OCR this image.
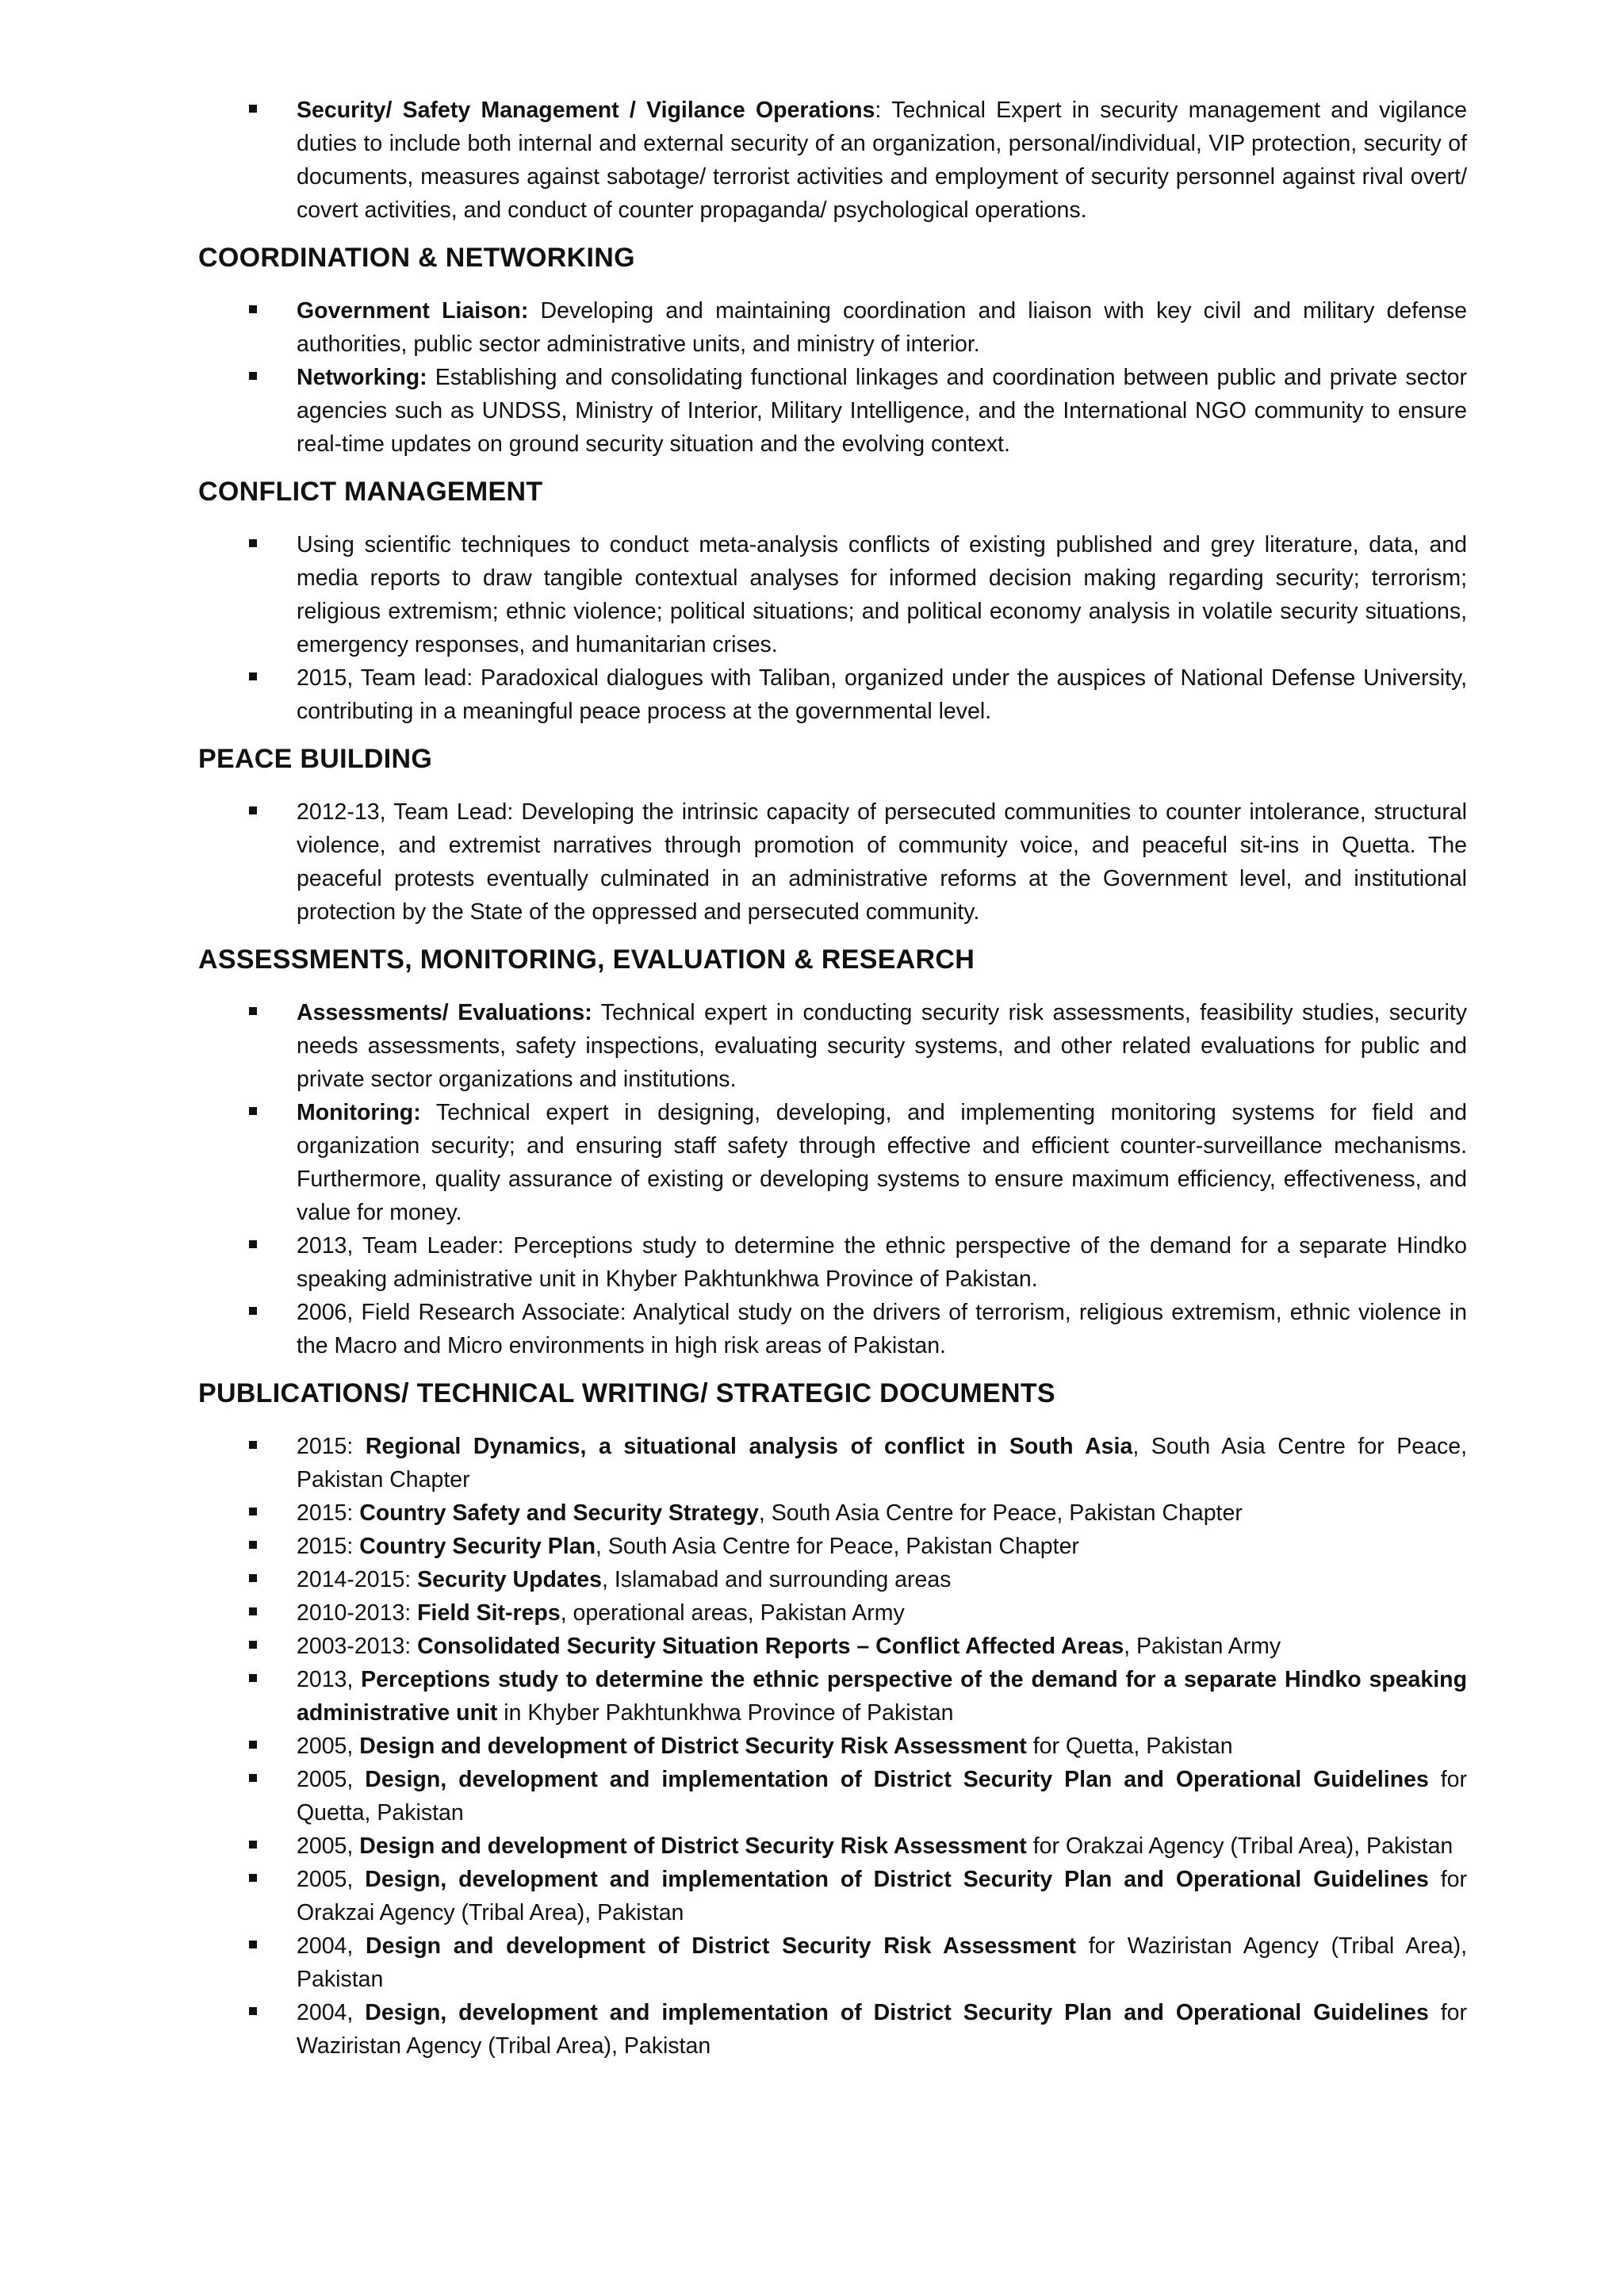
Security/ Safety Management / Vigilance Operations: Technical Expert in security management and vigilance duties to include both internal and external security of an organization, personal/individual, VIP protection, security of documents, measures against sabotage/ terrorist activities and employment of security personnel against rival overt/ covert activities, and conduct of counter propaganda/ psychological operations.
COORDINATION & NETWORKING
Government Liaison: Developing and maintaining coordination and liaison with key civil and military defense authorities, public sector administrative units, and ministry of interior.
Networking: Establishing and consolidating functional linkages and coordination between public and private sector agencies such as UNDSS, Ministry of Interior, Military Intelligence, and the International NGO community to ensure real-time updates on ground security situation and the evolving context.
CONFLICT MANAGEMENT
Using scientific techniques to conduct meta-analysis conflicts of existing published and grey literature, data, and media reports to draw tangible contextual analyses for informed decision making regarding security; terrorism; religious extremism; ethnic violence; political situations; and political economy analysis in volatile security situations, emergency responses, and humanitarian crises.
2015, Team lead: Paradoxical dialogues with Taliban, organized under the auspices of National Defense University, contributing in a meaningful peace process at the governmental level.
PEACE BUILDING
2012-13, Team Lead: Developing the intrinsic capacity of persecuted communities to counter intolerance, structural violence, and extremist narratives through promotion of community voice, and peaceful sit-ins in Quetta. The peaceful protests eventually culminated in an administrative reforms at the Government level, and institutional protection by the State of the oppressed and persecuted community.
ASSESSMENTS, MONITORING, EVALUATION & RESEARCH
Assessments/ Evaluations: Technical expert in conducting security risk assessments, feasibility studies, security needs assessments, safety inspections, evaluating security systems, and other related evaluations for public and private sector organizations and institutions.
Monitoring: Technical expert in designing, developing, and implementing monitoring systems for field and organization security; and ensuring staff safety through effective and efficient counter-surveillance mechanisms. Furthermore, quality assurance of existing or developing systems to ensure maximum efficiency, effectiveness, and value for money.
2013, Team Leader: Perceptions study to determine the ethnic perspective of the demand for a separate Hindko speaking administrative unit in Khyber Pakhtunkhwa Province of Pakistan.
2006, Field Research Associate: Analytical study on the drivers of terrorism, religious extremism, ethnic violence in the Macro and Micro environments in high risk areas of Pakistan.
PUBLICATIONS/ TECHNICAL WRITING/ STRATEGIC DOCUMENTS
2015: Regional Dynamics, a situational analysis of conflict in South Asia, South Asia Centre for Peace, Pakistan Chapter
2015: Country Safety and Security Strategy, South Asia Centre for Peace, Pakistan Chapter
2015: Country Security Plan, South Asia Centre for Peace, Pakistan Chapter
2014-2015: Security Updates, Islamabad and surrounding areas
2010-2013: Field Sit-reps, operational areas, Pakistan Army
2003-2013: Consolidated Security Situation Reports – Conflict Affected Areas, Pakistan Army
2013, Perceptions study to determine the ethnic perspective of the demand for a separate Hindko speaking administrative unit in Khyber Pakhtunkhwa Province of Pakistan
2005, Design and development of District Security Risk Assessment for Quetta, Pakistan
2005, Design, development and implementation of District Security Plan and Operational Guidelines for Quetta, Pakistan
2005, Design and development of District Security Risk Assessment for Orakzai Agency (Tribal Area), Pakistan
2005, Design, development and implementation of District Security Plan and Operational Guidelines for Orakzai Agency (Tribal Area), Pakistan
2004, Design and development of District Security Risk Assessment for Waziristan Agency (Tribal Area), Pakistan
2004, Design, development and implementation of District Security Plan and Operational Guidelines for Waziristan Agency (Tribal Area), Pakistan
